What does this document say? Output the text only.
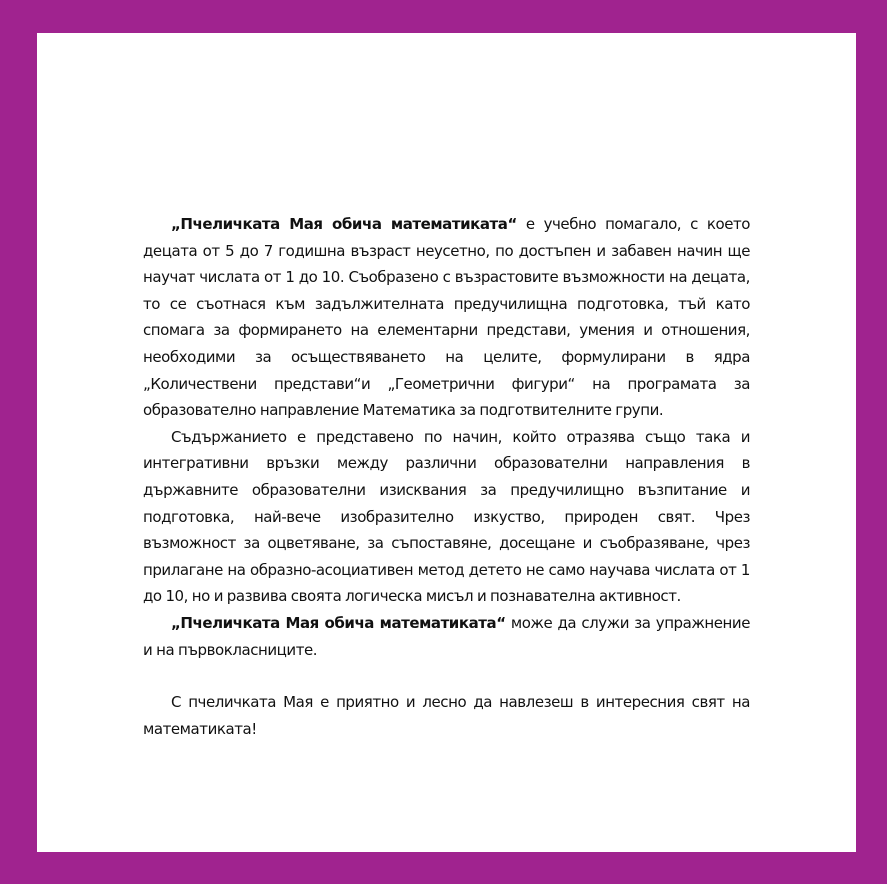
„Пчеличката Мая обича математиката“ е учебно помагало, с което децата от 5 до 7 годишна възраст неусетно, по достъпен и забавен начин ще научат числата от 1 до 10. Съобразено с възрастовите възможности на децата, то се съотнася към задължителната предучилищна подготовка, тъй като спомага за формирането на елементарни представи, умения и отношения, необходими за осъществяването на целите, формулирани в ядра „Количествени представи“и „Геометрични фигури“ на програмата за образователно направление Математика за подготвителните групи.

Съдържанието е представено по начин, който отразява също така и интегративни връзки между различни образователни направления в държавните образователни изисквания за предучилищно възпитание и подготовка, най-вече изобразително изкуство, природен свят. Чрез възможност за оцветяване, за съпоставяне, досещане и съобразяване, чрез прилагане на образно-асоциативен метод детето не само научава числата от 1 до 10, но и развива своята логическа мисъл и познавателна активност.

„Пчеличката Мая обича математиката“ може да служи за упражнение и на първокласниците.

С пчеличката Мая е приятно и лесно да навлезеш в интересния свят на математиката!
